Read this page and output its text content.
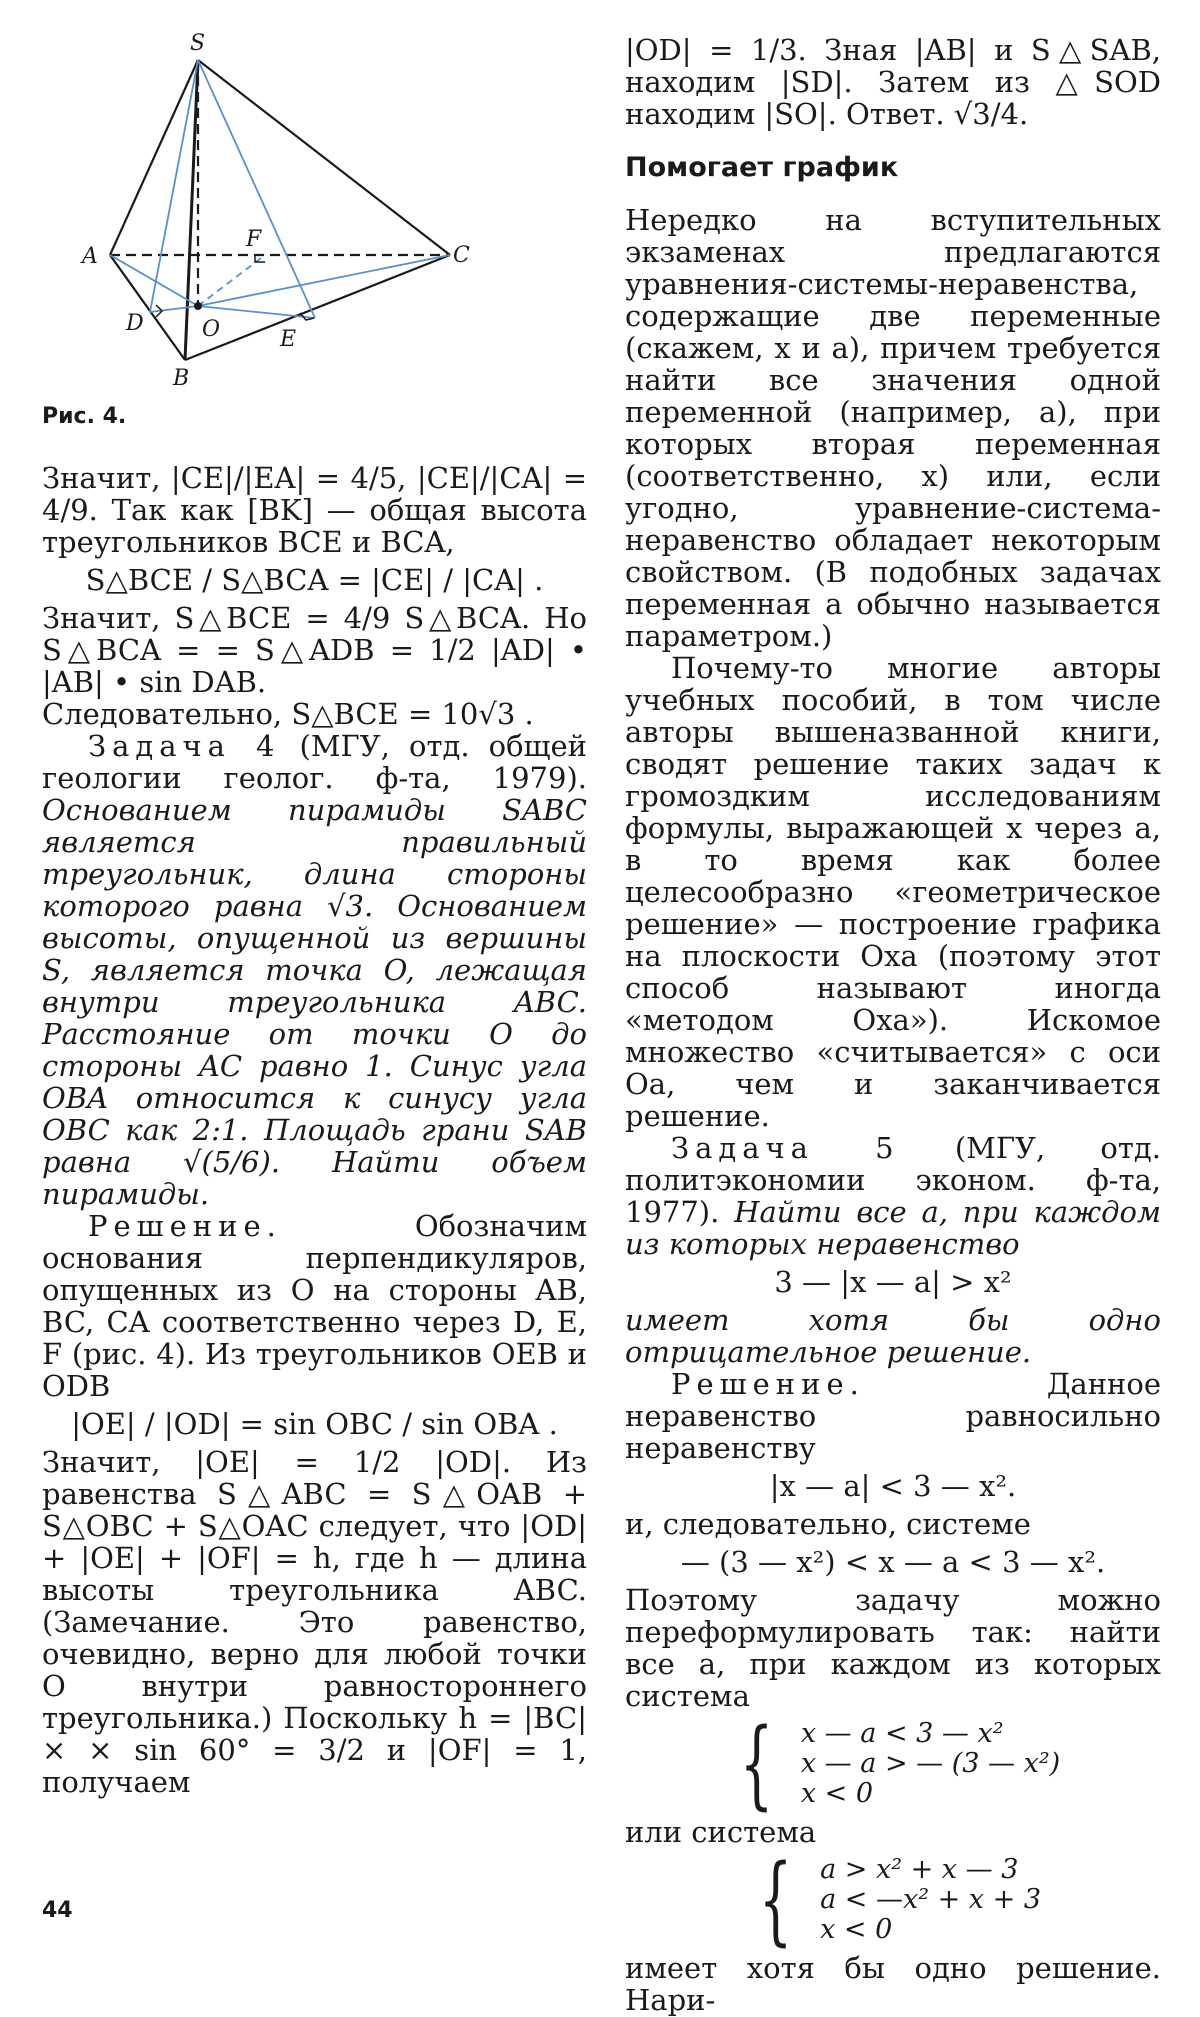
S
A	C
B
D
E
F
O
Рис. 4.

Значит, |CE|/|EA| = 4/5, |CE|/|CA| = 4/9. Так как [BK] — общая высота треугольников BCE и BCA,

S△BCE / S△BCA = |CE| / |CA| .

Значит, S△BCE = 4/9 S△BCA. Но S△BCA = = S△ADB = 1/2 |AD| • |AB| • sin DAB.

Следовательно, S△BCE = 10√3 .

Задача 4 (МГУ, отд. общей геологии геолог. ф-та, 1979). Основанием пирамиды SABC является правильный треугольник, длина стороны которого равна √3. Основанием высоты, опущенной из вершины S, является точка O, лежащая внутри треугольника ABC. Расстояние от точки O до стороны AC равно 1. Синус угла OBA относится к синусу угла OBC как 2:1. Площадь грани SAB равна √(5/6). Найти объем пирамиды.

Решение.	Обозначим основания перпендикуляров, опущенных из O на стороны AB, BC, CA соответственно через D, E, F (рис. 4). Из треугольников OEB и ODB

|OE| / |OD| = sin OBC / sin OBA .

Значит, |OE| = 1/2 |OD|. Из равенства S△ABC = S△OAB + S△OBC + S△OAC следует, что |OD| + |OE| + |OF| = h, где h — длина высоты треугольника ABC. (Замечание. Это равенство, очевидно, верно для любой точки O внутри равностороннего треугольника.) Поскольку h = |BC| × × sin 60° = 3/2 и |OF| = 1, получаем

|OD| = 1/3. Зная |AB| и S△SAB, находим |SD|. Затем из △SOD находим |SO|. Ответ. √3/4.

Помогает график

Нередко на вступительных экзаменах предлагаются уравнения-системы-неравенства, содержащие две переменные (скажем, x и a), причем требуется найти все значения одной переменной (например, a), при которых вторая переменная (соответственно, x) или, если угодно, уравнение-система-неравенство обладает некоторым свойством. (В подобных задачах переменная a обычно называется параметром.)

Почему-то многие авторы учебных пособий, в том числе авторы вышеназванной книги, сводят решение таких задач к громоздким исследованиям формулы, выражающей x через a, в то время как более целесообразно «геометрическое решение» — построение графика на плоскости Oxa (поэтому этот способ называют иногда «методом Oxa»). Искомое множество «считывается» с оси Oa, чем и заканчивается решение.

Задача 5 (МГУ, отд. политэкономии эконом. ф-та, 1977). Найти все a, при каждом из которых неравенство

3 — |x — a| > x²

имеет хотя бы одно отрицательное решение.

Решение.	Данное неравенство равносильно неравенству

|x — a| < 3 — x².

и, следовательно, системе

— (3 — x²) < x — a < 3 — x².

Поэтому задачу можно переформулировать так: найти все a, при каждом из которых система

{ x — a < 3 — x²
x — a > — (3 — x²)
x < 0

или система

{ a > x² + x — 3
a < —x² + x + 3
x < 0

имеет хотя бы одно решение. Нари-

44
